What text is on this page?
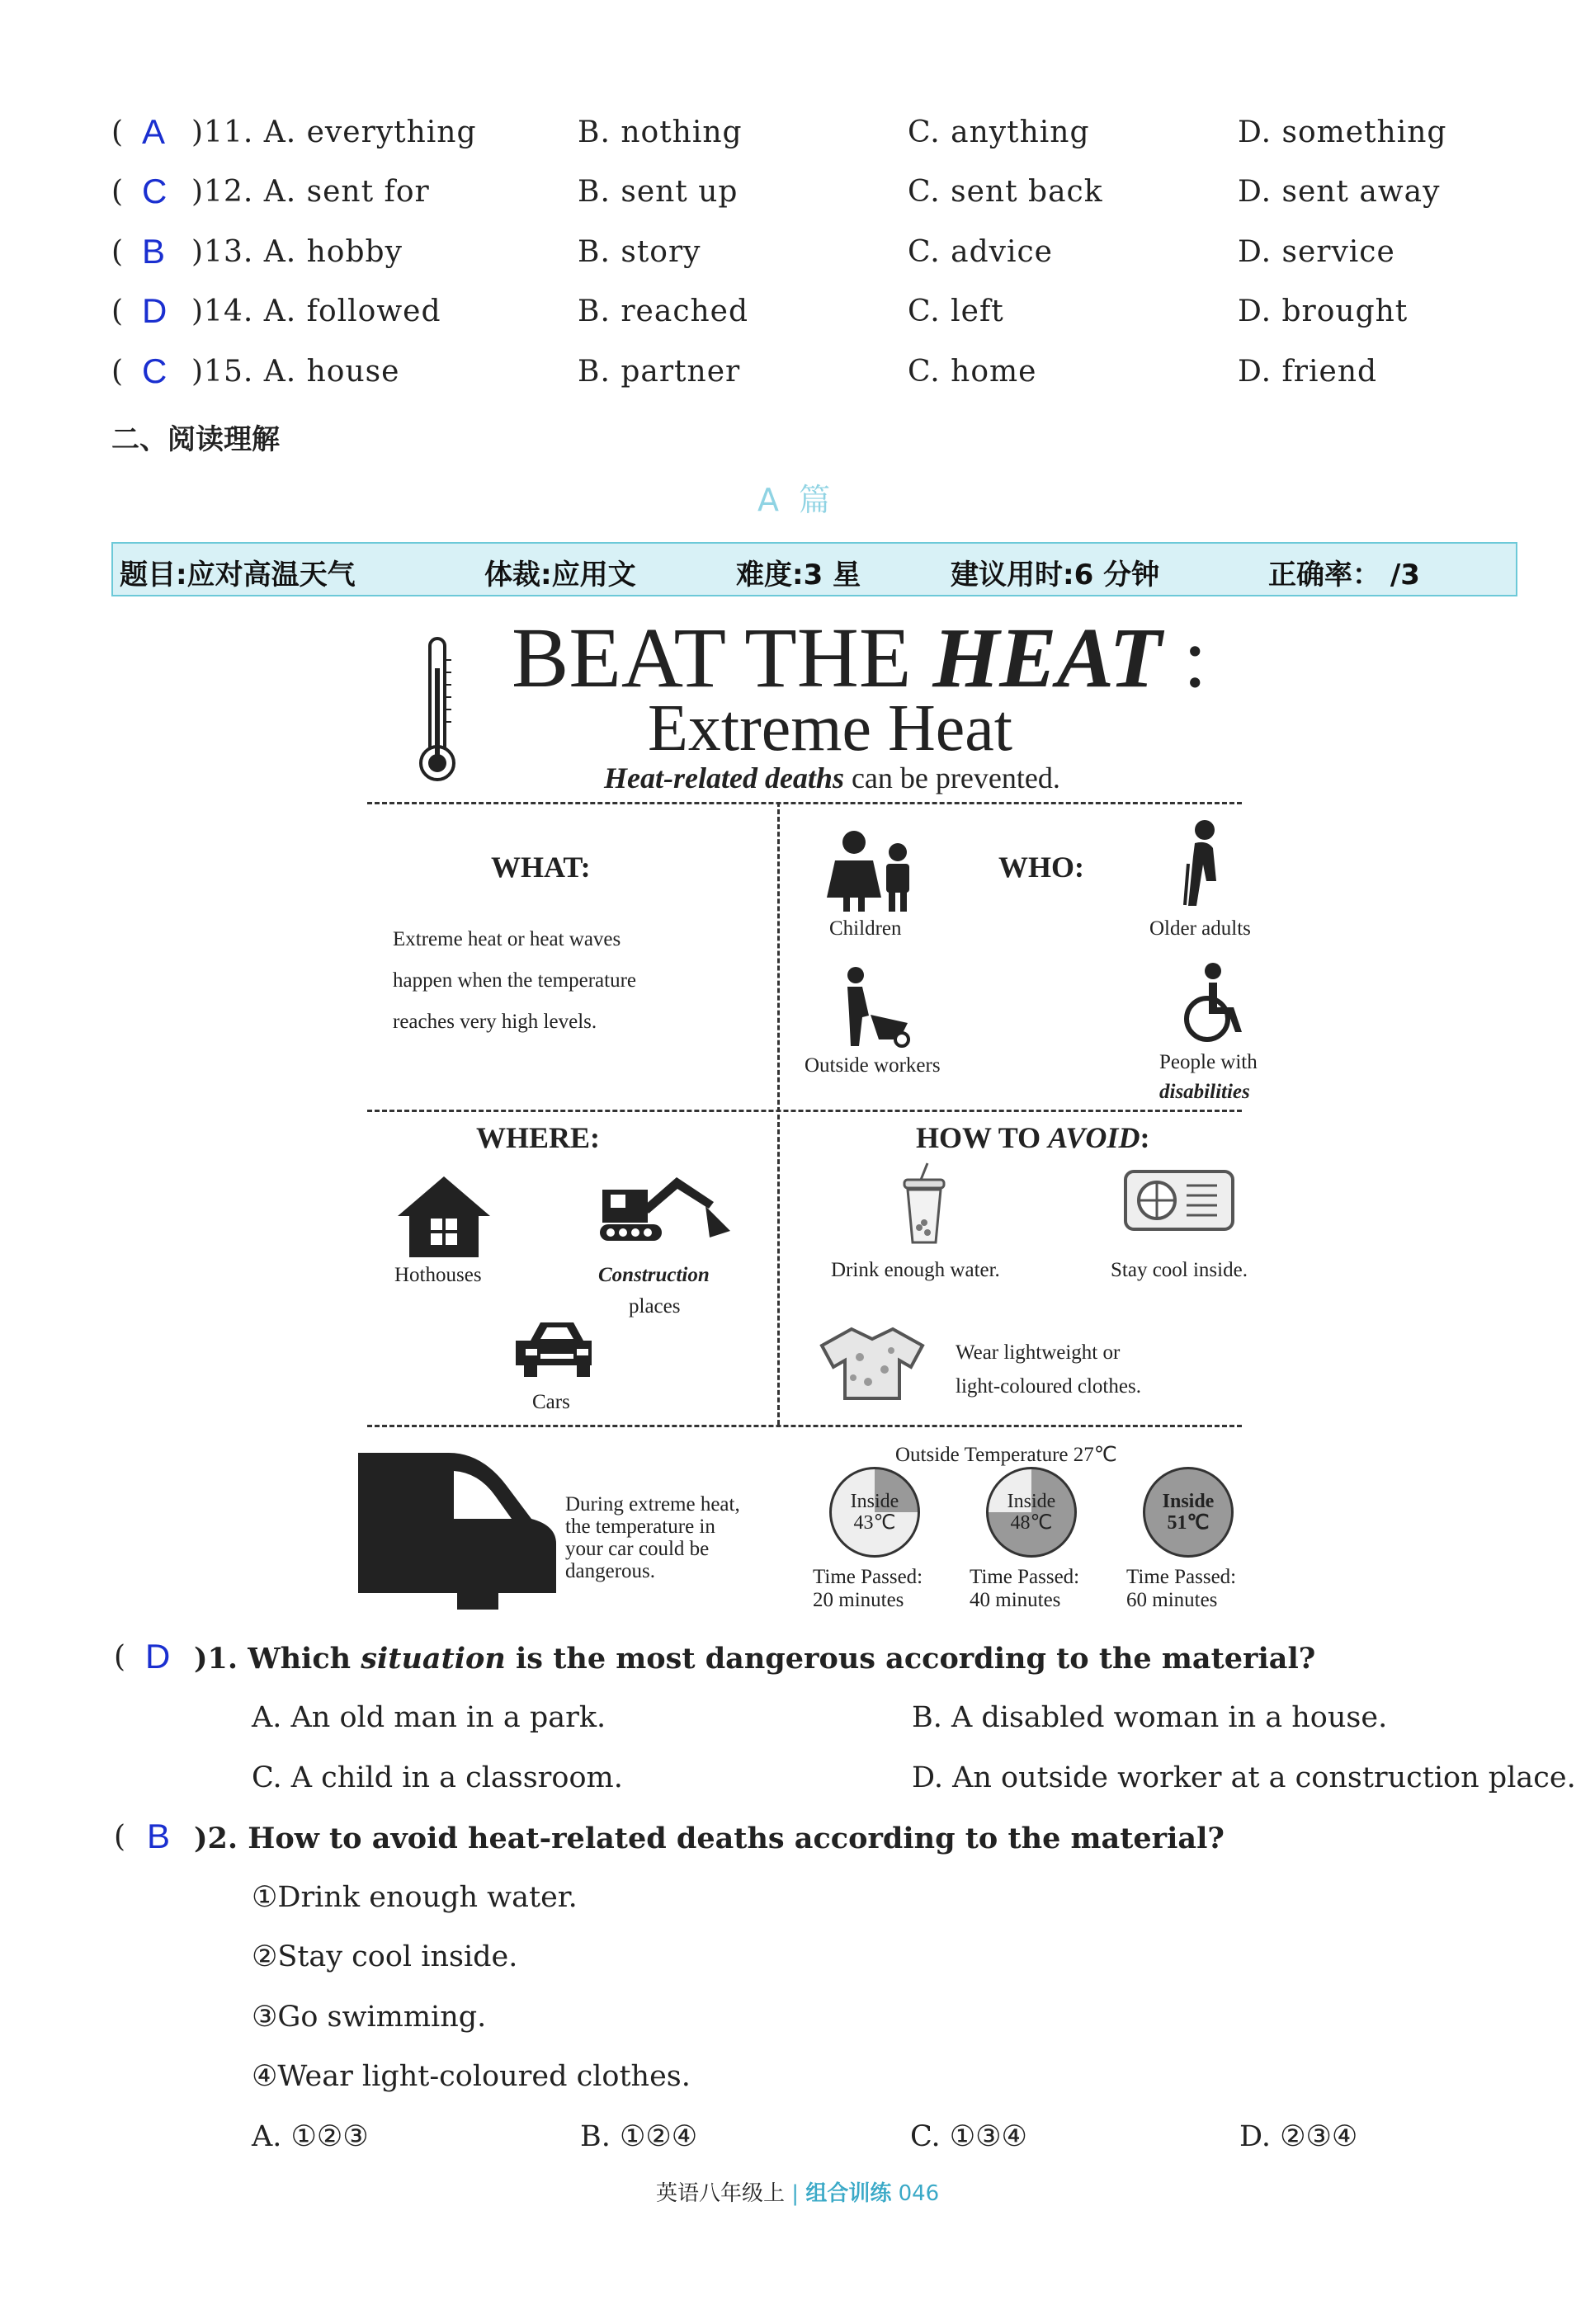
( A )11. A. everything	B. nothing	C. anything	D. something
( C )12. A. sent for	B. sent up	C. sent back	D. sent away
( B )13. A. hobby	B. story	C. advice	D. service
( D )14. A. followed	B. reached	C. left	D. brought
( C )15. A. house	B. partner	C. home	D. friend
二、阅读理解
A 篇
题目:应对高温天气	体裁:应用文	难度:3 星	建议用时:6 分钟	正确率： /3
BEAT THE HEAT :
Extreme Heat
Heat-related deaths can be prevented.
WHAT:
Extreme heat or heat waves
happen when the temperature
reaches very high levels.
Children
WHO:
Older adults
Outside workers	People with
disabilities
WHERE:
Hothouses	Construction
places
Cars
HOW TO AVOID:
Drink enough water.	Stay cool inside.
Wear lightweight or
light-coloured clothes.
During extreme heat,
the temperature in
your car could be
dangerous.
Outside Temperature 27℃
Inside
43℃
Time Passed:
20 minutes
Inside
48℃
Time Passed:
40 minutes
Inside
51℃
Time Passed:
60 minutes
( D )1. Which situation is the most dangerous according to the material?
A. An old man in a park.	B. A disabled woman in a house.
C. A child in a classroom.	D. An outside worker at a construction place.
( B )2. How to avoid heat-related deaths according to the material?
①Drink enough water.
②Stay cool inside.
③Go swimming.
④Wear light-coloured clothes.
A. ①②③	B. ①②④	C. ①③④	D. ②③④
英语八年级上 | 组合训练 046
